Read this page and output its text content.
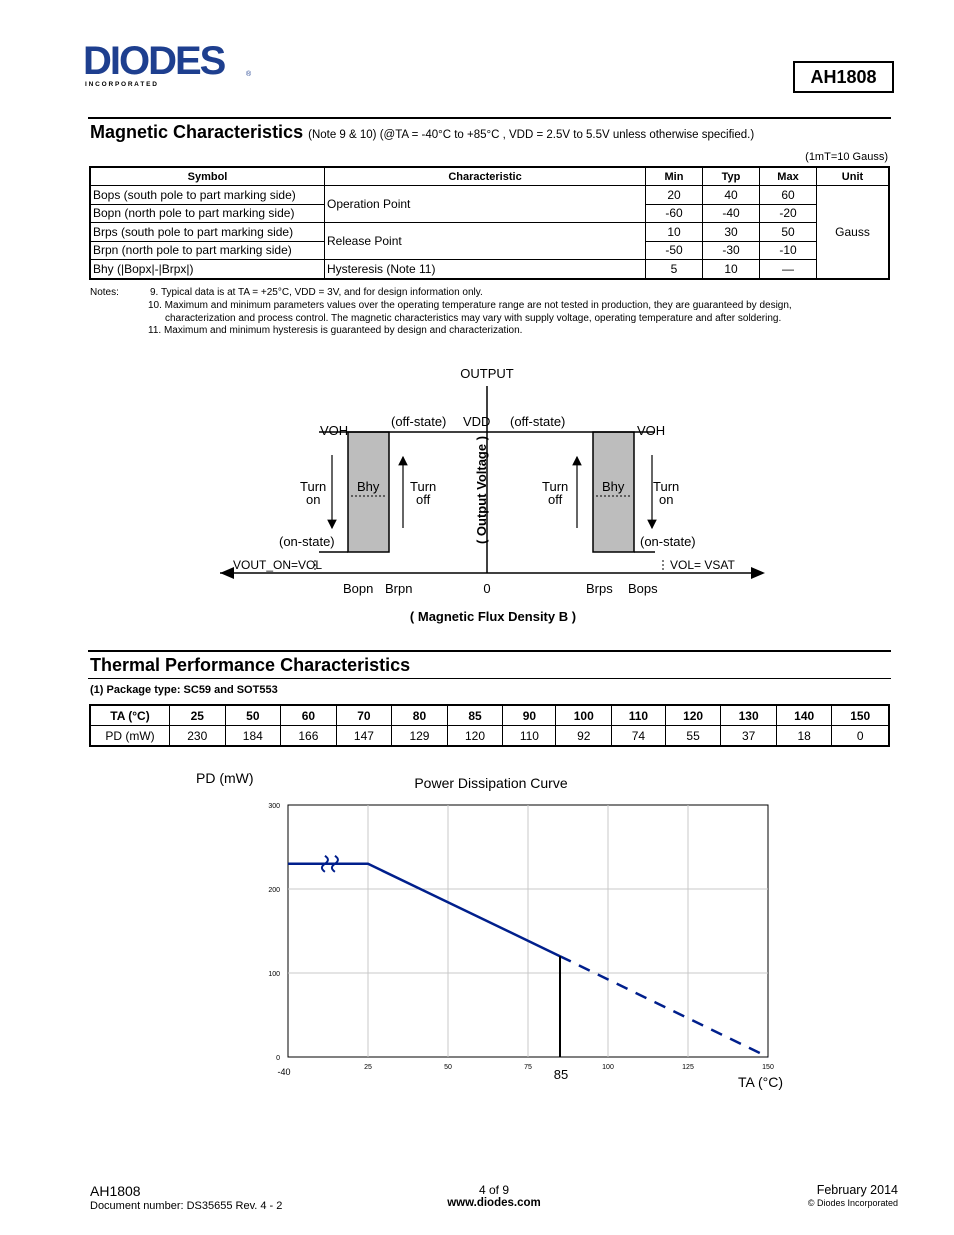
DIODES	®
I N C O R P O R A T E D	AH1808
Magnetic Characteristics (Note 9 & 10) (@TA = -40°C to +85°C , VDD = 2.5V to 5.5V unless otherwise specified.)
(1mT=10 Gauss)
Symbol	Characteristic	Min	Typ	Max	Unit
Bops (south pole to part marking side)	Operation Point	20	40	60	Gauss
Bopn (north pole to part marking side)		-60	-40	-20	
Brps (south pole to part marking side)	Release Point	10	30	50	
Brpn (north pole to part marking side)		-50	-30	-10	
Bhy (|Bopx|-|Brpx|)	Hysteresis (Note 11)	5	10	—	
Notes:	9. Typical data is at TA = +25°C, VDD = 3V, and for design information only.
10. Maximum and minimum parameters values over the operating temperature range are not tested in production, they are guaranteed by design,
characterization and process control. The magnetic characteristics may vary with supply voltage, operating temperature and after soldering.
11. Maximum and minimum hysteresis is guaranteed by design and characterization.
OUTPUT
VOH	VOH
VDD
(off-state)	(off-state)
(on-state)	(on-state)
Turn
on
Turn
off
Turn
off
Turn
on
Bhy	Bhy
( Output Voltage )
VOUT_ON=VOL	VOL= VSAT
Bopn Brpn	0	Brps Bops
( Magnetic Flux Density B )
Thermal Performance Characteristics
(1) Package type: SC59 and SOT553
TA (°C)	25	50	60	70	80	85	90	100	110	120	130	140	150
PD (mW)	230	184	166	147	129	120	110	92	74	55	37	18	0
PD (mW)	Power Dissipation Curve
-40	25	50	75	100	125	150
0
100
200
300
85	TA (°C)
AH1808
Document number: DS35655 Rev. 4 - 2
4 of 9
www.diodes.com
February 2014
© Diodes Incorporated
